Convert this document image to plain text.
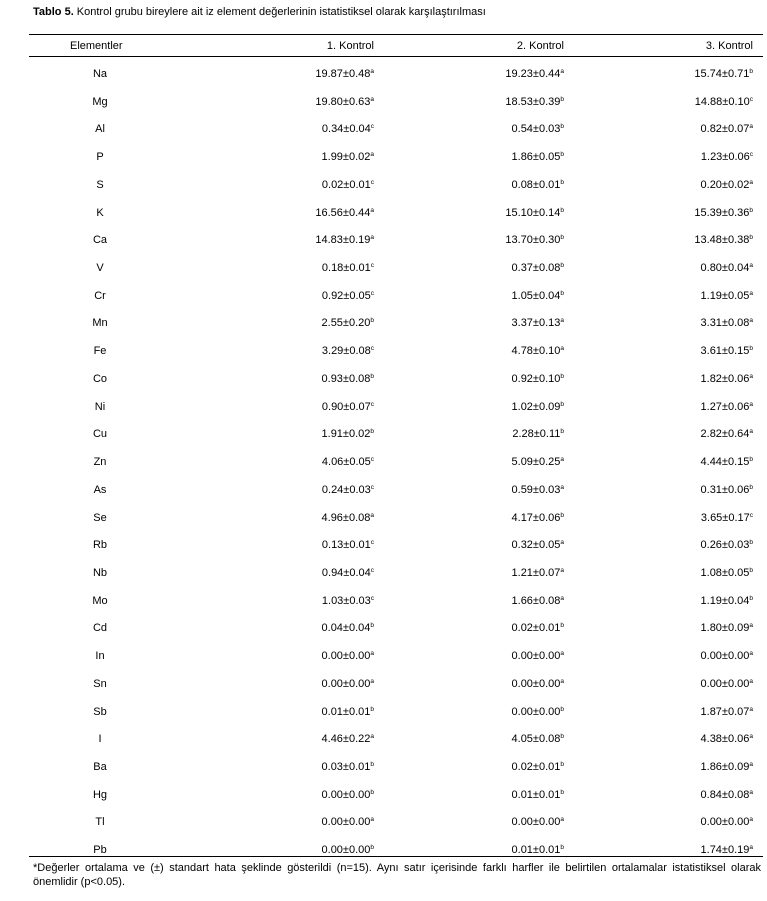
Tablo 5. Kontrol grubu bireylere ait iz element değerlerinin istatistiksel olarak karşılaştırılması
Elementler	1. Kontrol	2. Kontrol	3. Kontrol
Na	19.87±0.48$^a$	19.23±0.44$^a$	15.74±0.71$^b$
Mg	19.80±0.63$^a$	18.53±0.39$^b$	14.88±0.10$^c$
Al	0.34±0.04$^c$	0.54±0.03$^b$	0.82±0.07$^a$
P	1.99±0.02$^a$	1.86±0.05$^b$	1.23±0.06$^c$
S	0.02±0.01$^c$	0.08±0.01$^b$	0.20±0.02$^a$
K	16.56±0.44$^a$	15.10±0.14$^b$	15.39±0.36$^b$
Ca	14.83±0.19$^a$	13.70±0.30$^b$	13.48±0.38$^b$
V	0.18±0.01$^c$	0.37±0.08$^b$	0.80±0.04$^a$
Cr	0.92±0.05$^c$	1.05±0.04$^b$	1.19±0.05$^a$
Mn	2.55±0.20$^b$	3.37±0.13$^a$	3.31±0.08$^a$
Fe	3.29±0.08$^c$	4.78±0.10$^a$	3.61±0.15$^b$
Co	0.93±0.08$^b$	0.92±0.10$^b$	1.82±0.06$^a$
Ni	0.90±0.07$^c$	1.02±0.09$^b$	1.27±0.06$^a$
Cu	1.91±0.02$^b$	2.28±0.11$^b$	2.82±0.64$^a$
Zn	4.06±0.05$^c$	5.09±0.25$^a$	4.44±0.15$^b$
As	0.24±0.03$^c$	0.59±0.03$^a$	0.31±0.06$^b$
Se	4.96±0.08$^a$	4.17±0.06$^b$	3.65±0.17$^c$
Rb	0.13±0.01$^c$	0.32±0.05$^a$	0.26±0.03$^b$
Nb	0.94±0.04$^c$	1.21±0.07$^a$	1.08±0.05$^b$
Mo	1.03±0.03$^c$	1.66±0.08$^a$	1.19±0.04$^b$
Cd	0.04±0.04$^b$	0.02±0.01$^b$	1.80±0.09$^a$
In	0.00±0.00$^a$	0.00±0.00$^a$	0.00±0.00$^a$
Sn	0.00±0.00$^a$	0.00±0.00$^a$	0.00±0.00$^a$
Sb	0.01±0.01$^b$	0.00±0.00$^b$	1.87±0.07$^a$
I	4.46±0.22$^a$	4.05±0.08$^b$	4.38±0.06$^a$
Ba	0.03±0.01$^b$	0.02±0.01$^b$	1.86±0.09$^a$
Hg	0.00±0.00$^b$	0.01±0.01$^b$	0.84±0.08$^a$
Tl	0.00±0.00$^a$	0.00±0.00$^a$	0.00±0.00$^a$
Pb	0.00±0.00$^b$	0.01±0.01$^b$	1.74±0.19$^a$
*Değerler ortalama ve (±) standart hata şeklinde gösterildi (n=15). Aynı satır içerisinde farklı harfler ile belirtilen ortalamalar istatistiksel olarak önemlidir (p<0.05).
